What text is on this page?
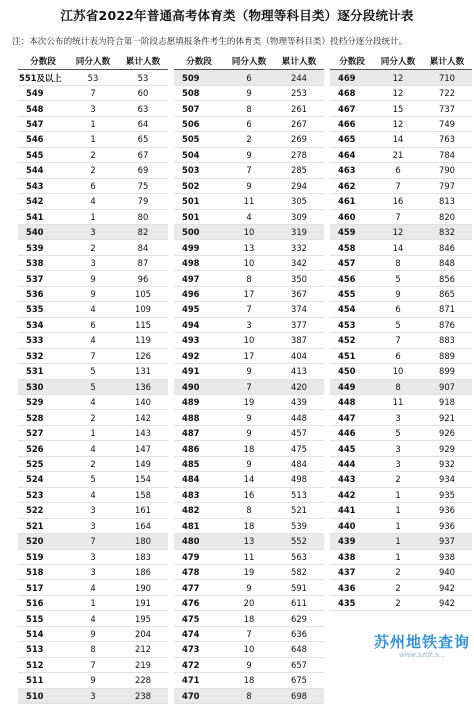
江苏省2022年普通高考体育类（物理等科目类）逐分段统计表
注：本次公布的统计表为符合第一阶段志愿填报条件考生的体育类（物理等科目类）投档分逐分段统计。
分数段	同分人数	累计人数
551及以上	53	53
549	7	60
548	3	63
547	1	64
546	1	65
545	2	67
544	2	69
543	6	75
542	4	79
541	1	80
540	3	82
539	2	84
538	3	87
537	9	96
536	9	105
535	4	109
534	6	115
533	4	119
532	7	126
531	5	131
530	5	136
529	4	140
528	2	142
527	1	143
526	4	147
525	2	149
524	5	154
523	4	158
522	3	161
521	3	164
520	7	180
519	3	183
518	3	186
517	4	190
516	1	191
515	4	195
514	9	204
513	8	212
512	7	219
511	9	228
510	3	238
分数段	同分人数	累计人数
509	6	244
508	9	253
507	8	261
506	6	267
505	2	269
504	9	278
503	7	285
502	9	294
501	11	305
501	4	309
500	10	319
499	13	332
498	10	342
497	8	350
496	17	367
495	7	374
494	3	377
493	10	387
492	17	404
491	9	413
490	7	420
489	19	439
488	9	448
487	9	457
486	18	475
485	9	484
484	14	498
483	16	513
482	8	521
481	18	539
480	13	552
479	11	563
478	19	582
477	9	591
476	20	611
475	18	629
474	7	636
473	10	648
472	9	657
471	18	675
470	8	698
分数段	同分人数	累计人数
469	12	710
468	12	722
467	15	737
466	12	749
465	14	763
464	21	784
463	6	790
462	7	797
461	16	813
460	7	820
459	12	832
458	14	846
457	8	848
456	5	856
455	9	865
454	6	871
453	5	876
452	7	883
451	6	889
450	10	899
449	8	907
448	11	918
447	3	921
446	5	926
445	3	929
444	3	932
443	2	934
442	1	935
441	1	936
440	1	936
439	1	937
438	1	938
437	2	940
436	2	942
435	2	942
苏州地铁查询
www.szdt.s...
